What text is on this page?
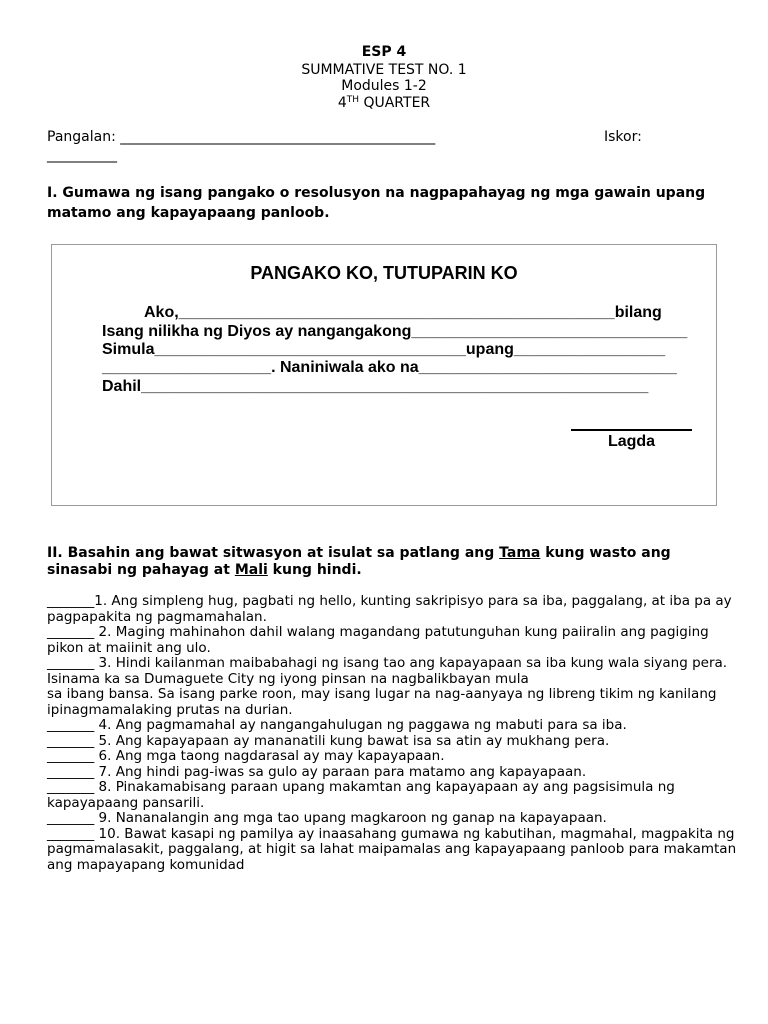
ESP 4
SUMMATIVE TEST NO. 1
Modules 1-2
4TH QUARTER
Pangalan: _____________________________________________	Iskor:
__________
I. Gumawa ng isang pangako o resolusyon na nagpapahayag ng mga gawain upang matamo ang kapayapaang panloob.
PANGAKO KO, TUTUPARIN KO
Ako,_________________________________________________bilang
Isang nilikha ng Diyos ay nangangakong_______________________________
Simula___________________________________upang_________________
___________________. Naniniwala ako na_____________________________
Dahil_________________________________________________________
Lagda
II. Basahin ang bawat sitwasyon at isulat sa patlang ang Tama kung wasto ang sinasabi ng pahayag at Mali kung hindi.

_______1. Ang simpleng hug, pagbati ng hello, kunting sakripisyo para sa iba, paggalang, at iba pa ay pagpapakita ng pagmamahalan.

_______ 2. Maging mahinahon dahil walang magandang patutunguhan kung paiiralin ang pagiging pikon at maiinit ang ulo.

_______ 3. Hindi kailanman maibabahagi ng isang tao ang kapayapaan sa iba kung wala siyang pera. Isinama ka sa Dumaguete City ng iyong pinsan na nagbalikbayan mula

sa ibang bansa. Sa isang parke roon, may isang lugar na nag-aanyaya ng libreng tikim ng kanilang ipinagmamalaking prutas na durian.

_______ 4. Ang pagmamahal ay nangangahulugan ng paggawa ng mabuti para sa iba.

_______ 5. Ang kapayapaan ay mananatili kung bawat isa sa atin ay mukhang pera.

_______ 6. Ang mga taong nagdarasal ay may kapayapaan.

_______ 7. Ang hindi pag-iwas sa gulo ay paraan para matamo ang kapayapaan.

_______ 8. Pinakamabisang paraan upang makamtan ang kapayapaan ay ang pagsisimula ng kapayapaang pansarili.

_______ 9. Nananalangin ang mga tao upang magkaroon ng ganap na kapayapaan.

_______ 10. Bawat kasapi ng pamilya ay inaasahang gumawa ng kabutihan, magmahal, magpakita ng pagmamalasakit, paggalang, at higit sa lahat maipamalas ang kapayapaang panloob para makamtan ang mapayapang komunidad
